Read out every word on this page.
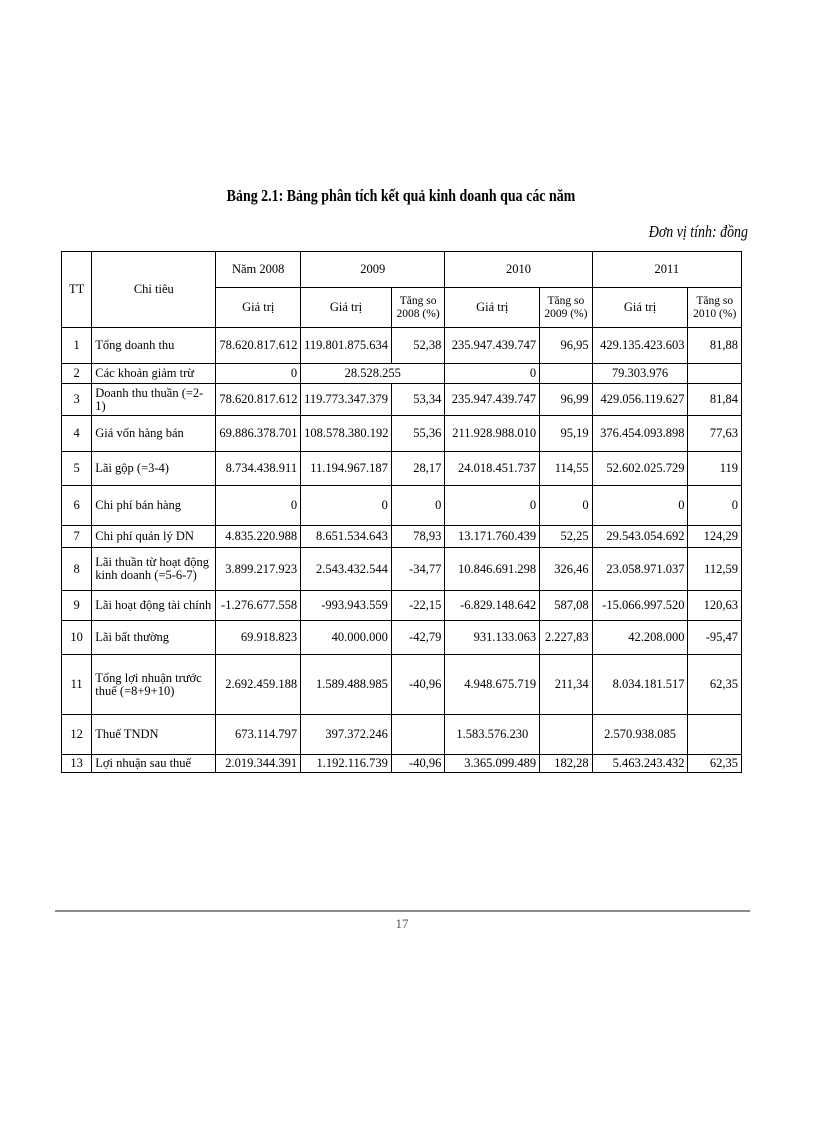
Bảng 2.1: Bảng phân tích kết quả kinh doanh qua các năm
Đơn vị tính: đồng
TT	Chỉ tiêu	Năm 2008	2009		2010		2011	
		Giá trị	Giá trị	Tăng so 2008 (%)	Giá trị	Tăng so 2009 (%)	Giá trị	Tăng so 2010 (%)
1	Tổng doanh thu	78.620.817.612	119.801.875.634	52,38	235.947.439.747	96,95	429.135.423.603	81,88
2	Các khoản giảm trừ	0	28.528.255		0		79.303.976	
3	Doanh thu thuần (=2-1)	78.620.817.612	119.773.347.379	53,34	235.947.439.747	96,99	429.056.119.627	81,84
4	Giá vốn hàng bán	69.886.378.701	108.578.380.192	55,36	211.928.988.010	95,19	376.454.093.898	77,63
5	Lãi gộp (=3-4)	8.734.438.911	11.194.967.187	28,17	24.018.451.737	114,55	52.602.025.729	119
6	Chi phí bán hàng	0	0	0	0	0	0	0
7	Chi phí quản lý DN	4.835.220.988	8.651.534.643	78,93	13.171.760.439	52,25	29.543.054.692	124,29
8	Lãi thuần từ hoạt động kinh doanh (=5-6-7)	3.899.217.923	2.543.432.544	-34,77	10.846.691.298	326,46	23.058.971.037	112,59
9	Lãi hoạt động tài chính	-1.276.677.558	-993.943.559	-22,15	-6.829.148.642	587,08	-15.066.997.520	120,63
10	Lãi bất thường	69.918.823	40.000.000	-42,79	931.133.063	2.227,83	42.208.000	-95,47
11	Tổng lợi nhuận trước thuế (=8+9+10)	2.692.459.188	1.589.488.985	-40,96	4.948.675.719	211,34	8.034.181.517	62,35
12	Thuế TNDN	673.114.797	397.372.246		1.583.576.230		2.570.938.085	
13	Lợi nhuận sau thuế	2.019.344.391	1.192.116.739	-40,96	3.365.099.489	182,28	5.463.243.432	62,35
17
